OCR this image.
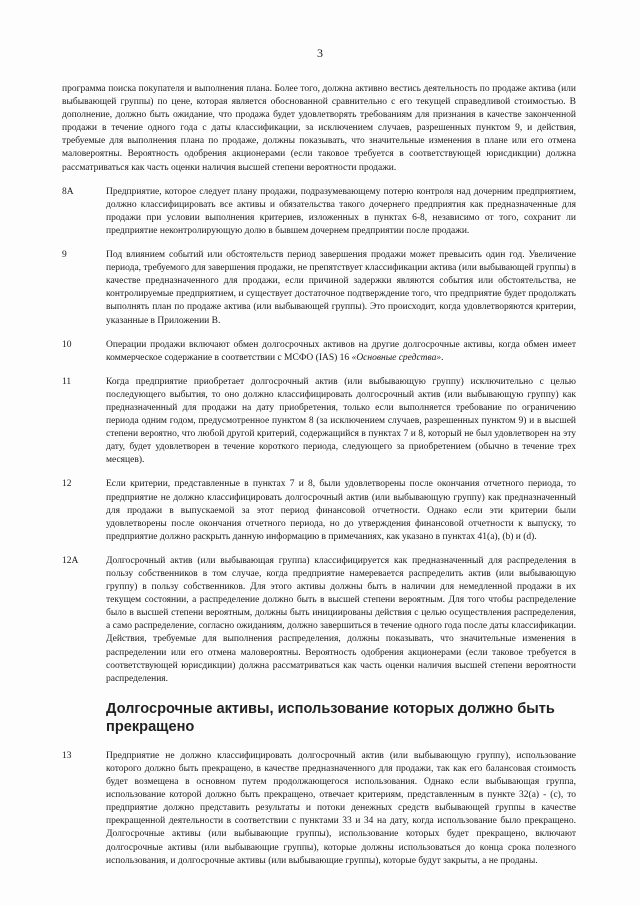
3

программа поиска покупателя и выполнения плана. Более того, должна активно вестись деятельность по продаже актива (или выбывающей группы) по цене, которая является обоснованной сравнительно с его текущей справедливой стоимостью. В дополнение, должно быть ожидание, что продажа будет удовлетворять требованиям для признания в качестве законченной продажи в течение одного года с даты классификации, за исключением случаев, разрешенных пунктом 9, и действия, требуемые для выполнения плана по продаже, должны показывать, что значительные изменения в плане или его отмена маловероятны. Вероятность одобрения акционерами (если таковое требуется в соответствующей юрисдикции) должна рассматриваться как часть оценки наличия высшей степени вероятности продажи.

8А	Предприятие, которое следует плану продажи, подразумевающему потерю контроля над дочерним предприятием, должно классифицировать все активы и обязательства такого дочернего предприятия как предназначенные для продажи при условии выполнения критериев, изложенных в пунктах 6-8, независимо от того, сохранит ли предприятие неконтролирующую долю в бывшем дочернем предприятии после продажи.

9	Под влиянием событий или обстоятельств период завершения продажи может превысить один год. Увеличение периода, требуемого для завершения продажи, не препятствует классификации актива (или выбывающей группы) в качестве предназначенного для продажи, если причиной задержки являются события или обстоятельства, не контролируемые предприятием, и существует достаточное подтверждение того, что предприятие будет продолжать выполнять план по продаже актива (или выбывающей группы). Это происходит, когда удовлетворяются критерии, указанные в Приложении В.

10	Операции продажи включают обмен долгосрочных активов на другие долгосрочные активы, когда обмен имеет коммерческое содержание в соответствии с МСФО (IAS) 16 «Основные средства».

11	Когда предприятие приобретает долгосрочный актив (или выбывающую группу) исключительно с целью последующего выбытия, то оно должно классифицировать долгосрочный актив (или выбывающую группу) как предназначенный для продажи на дату приобретения, только если выполняется требование по ограничению периода одним годом, предусмотренное пунктом 8 (за исключением случаев, разрешенных пунктом 9) и в высшей степени вероятно, что любой другой критерий, содержащийся в пунктах 7 и 8, который не был удовлетворен на эту дату, будет удовлетворен в течение короткого периода, следующего за приобретением (обычно в течение трех месяцев).

12	Если критерии, представленные в пунктах 7 и 8, были удовлетворены после окончания отчетного периода, то предприятие не должно классифицировать долгосрочный актив (или выбывающую группу) как предназначенный для продажи в выпускаемой за этот период финансовой отчетности. Однако если эти критерии были удовлетворены после окончания отчетного периода, но до утверждения финансовой отчетности к выпуску, то предприятие должно раскрыть данную информацию в примечаниях, как указано в пунктах 41(a), (b) и (d).

12А	Долгосрочный актив (или выбывающая группа) классифицируется как предназначенный для распределения в пользу собственников в том случае, когда предприятие намеревается распределить актив (или выбывающую группу) в пользу собственников. Для этого активы должны быть в наличии для немедленной продажи в их текущем состоянии, а распределение должно быть в высшей степени вероятным. Для того чтобы распределение было в высшей степени вероятным, должны быть инициированы действия с целью осуществления распределения, а само распределение, согласно ожиданиям, должно завершиться в течение одного года после даты классификации. Действия, требуемые для выполнения распределения, должны показывать, что значительные изменения в распределении или его отмена маловероятны. Вероятность одобрения акционерами (если таковое требуется в соответствующей юрисдикции) должна рассматриваться как часть оценки наличия высшей степени вероятности распределения.

Долгосрочные активы, использование которых должно быть прекращено
13	Предприятие не должно классифицировать долгосрочный актив (или выбывающую группу), использование которого должно быть прекращено, в качестве предназначенного для продажи, так как его балансовая стоимость будет возмещена в основном путем продолжающегося использования. Однако если выбывающая группа, использование которой должно быть прекращено, отвечает критериям, представленным в пункте 32(a) - (c), то предприятие должно представить результаты и потоки денежных средств выбывающей группы в качестве прекращенной деятельности в соответствии с пунктами 33 и 34 на дату, когда использование было прекращено. Долгосрочные активы (или выбывающие группы), использование которых будет прекращено, включают долгосрочные активы (или выбывающие группы), которые должны использоваться до конца срока полезного использования, и долгосрочные активы (или выбывающие группы), которые будут закрыты, а не проданы.
